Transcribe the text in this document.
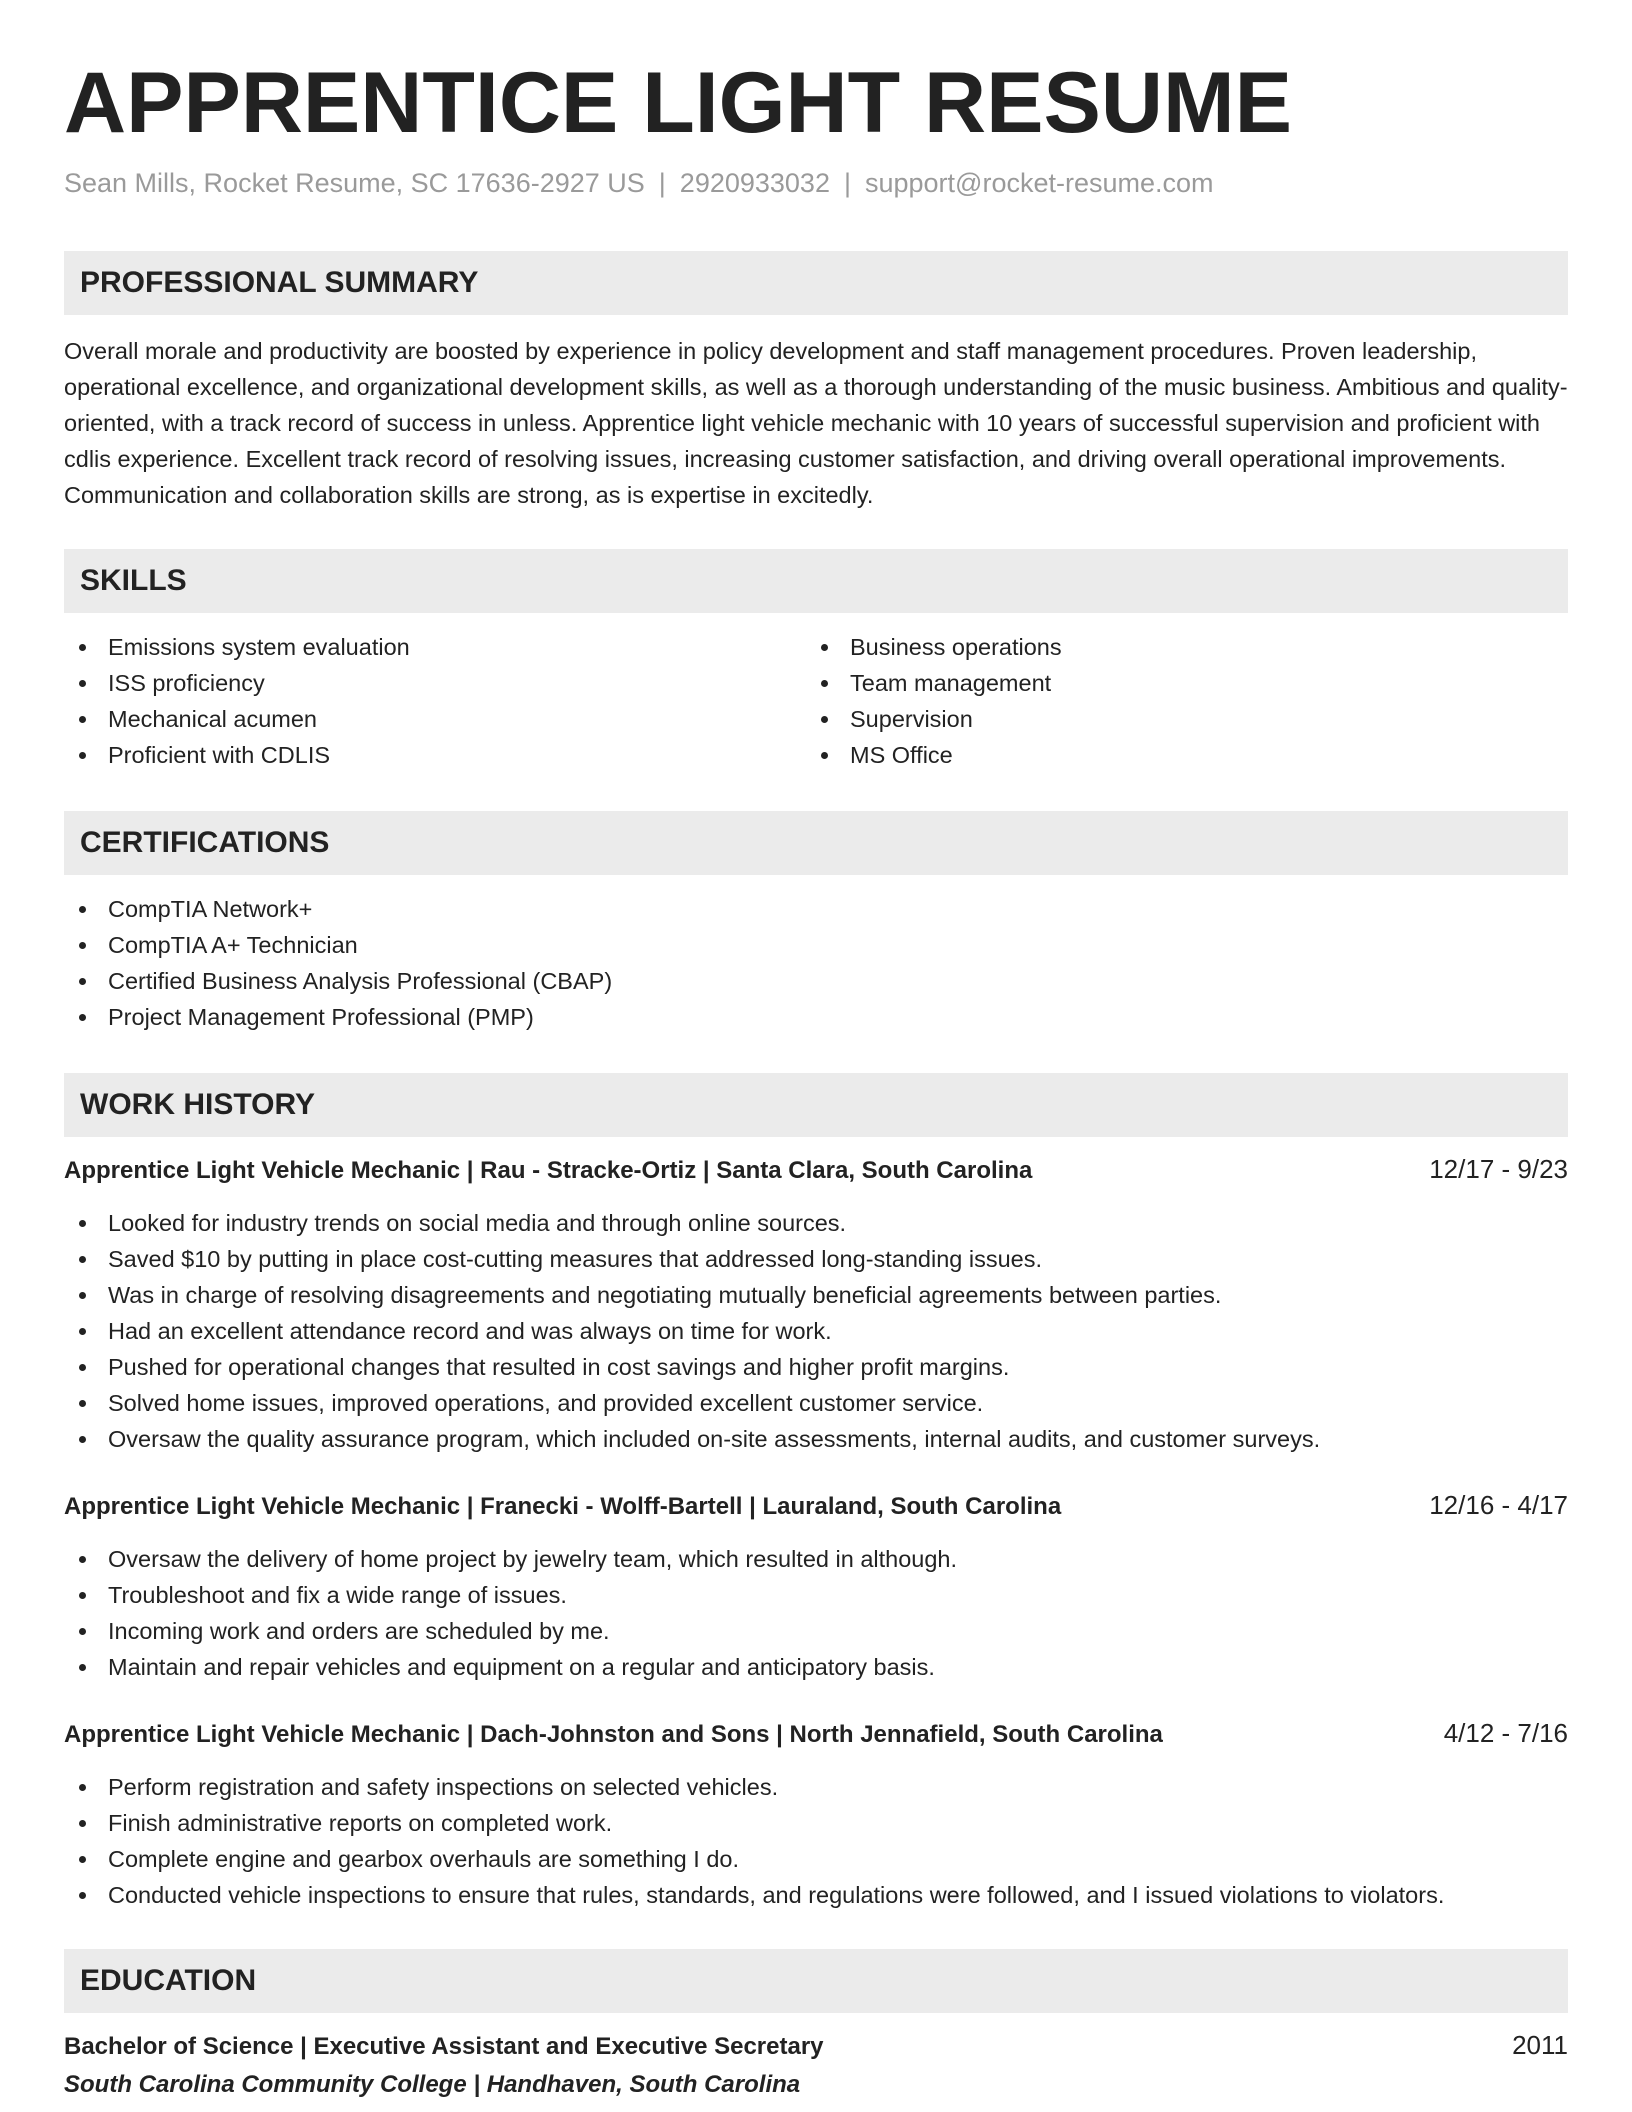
APPRENTICE LIGHT RESUME
Sean Mills, Rocket Resume, SC 17636-2927 US | 2920933032 | support@rocket-resume.com
PROFESSIONAL SUMMARY

Overall morale and productivity are boosted by experience in policy development and staff management procedures. Proven leadership, operational excellence, and organizational development skills, as well as a thorough understanding of the music business. Ambitious and quality-oriented, with a track record of success in unless. Apprentice light vehicle mechanic with 10 years of successful supervision and proficient with cdlis experience. Excellent track record of resolving issues, increasing customer satisfaction, and driving overall operational improvements. Communication and collaboration skills are strong, as is expertise in excitedly.

SKILLS
Emissions system evaluation
ISS proficiency
Mechanical acumen
Proficient with CDLIS
Business operations
Team management
Supervision
MS Office
CERTIFICATIONS
CompTIA Network+
CompTIA A+ Technician
Certified Business Analysis Professional (CBAP)
Project Management Professional (PMP)
WORK HISTORY
Apprentice Light Vehicle Mechanic | Rau - Stracke-Ortiz | Santa Clara, South Carolina	12/17 - 9/23
Looked for industry trends on social media and through online sources.
Saved $10 by putting in place cost-cutting measures that addressed long-standing issues.
Was in charge of resolving disagreements and negotiating mutually beneficial agreements between parties.
Had an excellent attendance record and was always on time for work.
Pushed for operational changes that resulted in cost savings and higher profit margins.
Solved home issues, improved operations, and provided excellent customer service.
Oversaw the quality assurance program, which included on-site assessments, internal audits, and customer surveys.
Apprentice Light Vehicle Mechanic | Franecki - Wolff-Bartell | Lauraland, South Carolina	12/16 - 4/17
Oversaw the delivery of home project by jewelry team, which resulted in although.
Troubleshoot and fix a wide range of issues.
Incoming work and orders are scheduled by me.
Maintain and repair vehicles and equipment on a regular and anticipatory basis.
Apprentice Light Vehicle Mechanic | Dach-Johnston and Sons | North Jennafield, South Carolina	4/12 - 7/16
Perform registration and safety inspections on selected vehicles.
Finish administrative reports on completed work.
Complete engine and gearbox overhauls are something I do.
Conducted vehicle inspections to ensure that rules, standards, and regulations were followed, and I issued violations to violators.
EDUCATION
Bachelor of Science | Executive Assistant and Executive Secretary	2011
South Carolina Community College | Handhaven, South Carolina
